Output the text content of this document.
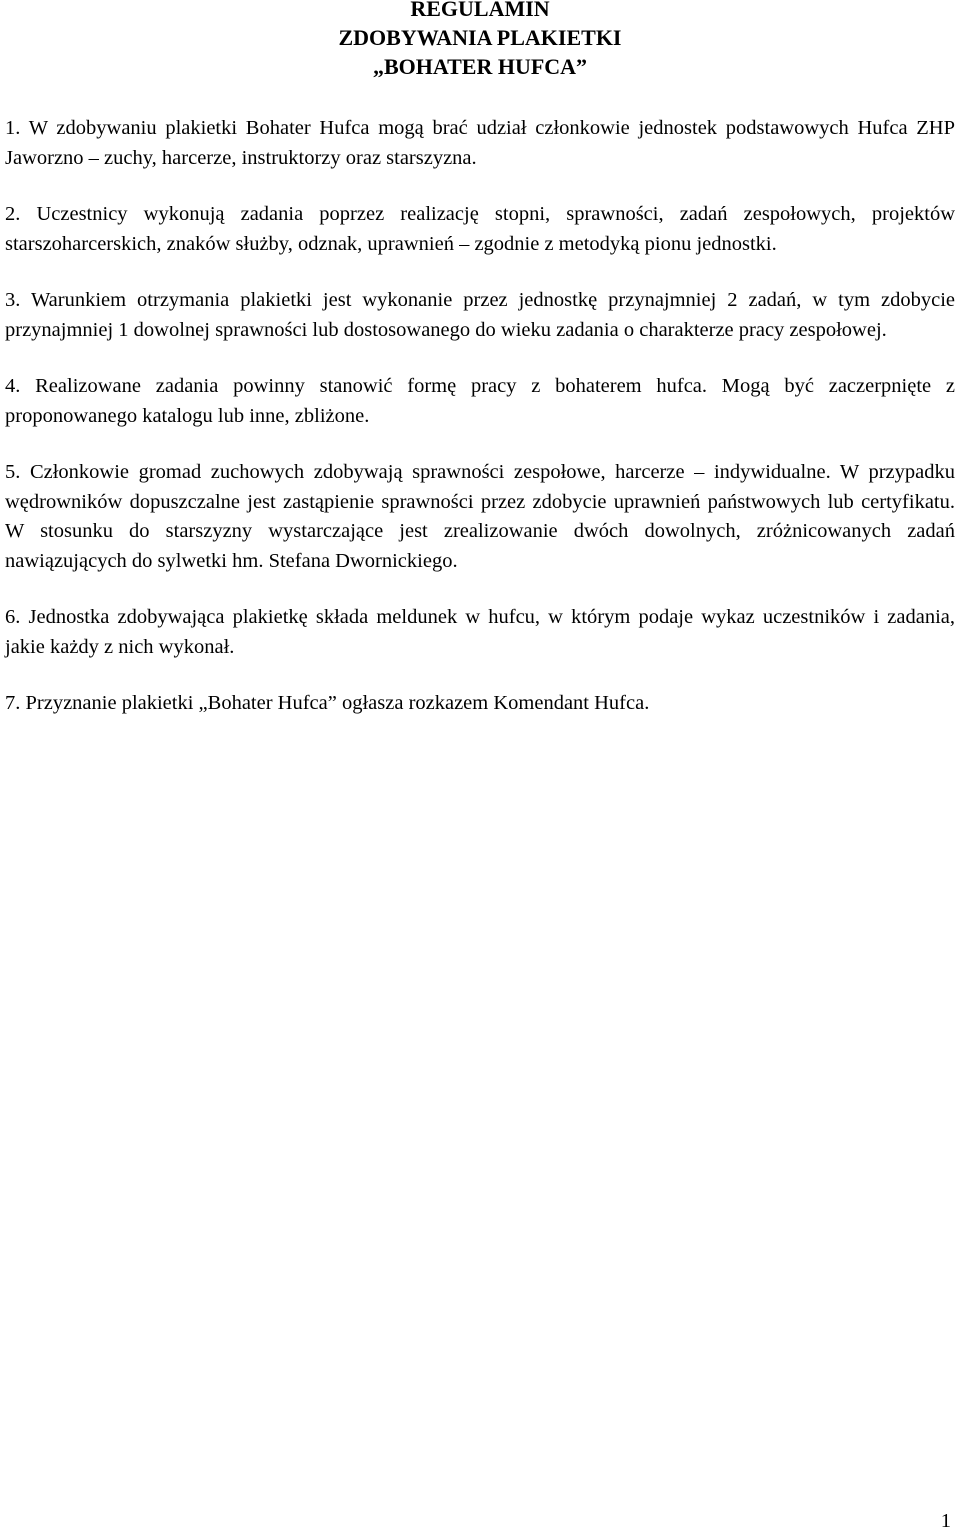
REGULAMIN
ZDOBYWANIA PLAKIETKI
„BOHATER HUFCA”

1. W zdobywaniu plakietki Bohater Hufca mogą brać udział członkowie jednostek podstawowych Hufca ZHP Jaworzno – zuchy, harcerze, instruktorzy oraz starszyzna.

2. Uczestnicy wykonują zadania poprzez realizację stopni, sprawności, zadań zespołowych, projektów starszoharcerskich, znaków służby, odznak, uprawnień – zgodnie z metodyką pionu jednostki.

3. Warunkiem otrzymania plakietki jest wykonanie przez jednostkę przynajmniej 2 zadań, w tym zdobycie przynajmniej 1 dowolnej sprawności lub dostosowanego do wieku zadania o charakterze pracy zespołowej.

4. Realizowane zadania powinny stanowić formę pracy z bohaterem hufca. Mogą być zaczerpnięte z proponowanego katalogu lub inne, zbliżone.

5. Członkowie gromad zuchowych zdobywają sprawności zespołowe, harcerze – indywidualne. W przypadku wędrowników dopuszczalne jest zastąpienie sprawności przez zdobycie uprawnień państwowych lub certyfikatu. W stosunku do starszyzny wystarczające jest zrealizowanie dwóch dowolnych, zróżnicowanych zadań nawiązujących do sylwetki hm. Stefana Dwornickiego.

6. Jednostka zdobywająca plakietkę składa meldunek w hufcu, w którym podaje wykaz uczestników i zadania, jakie każdy z nich wykonał.

7. Przyznanie plakietki „Bohater Hufca” ogłasza rozkazem Komendant Hufca.

1
